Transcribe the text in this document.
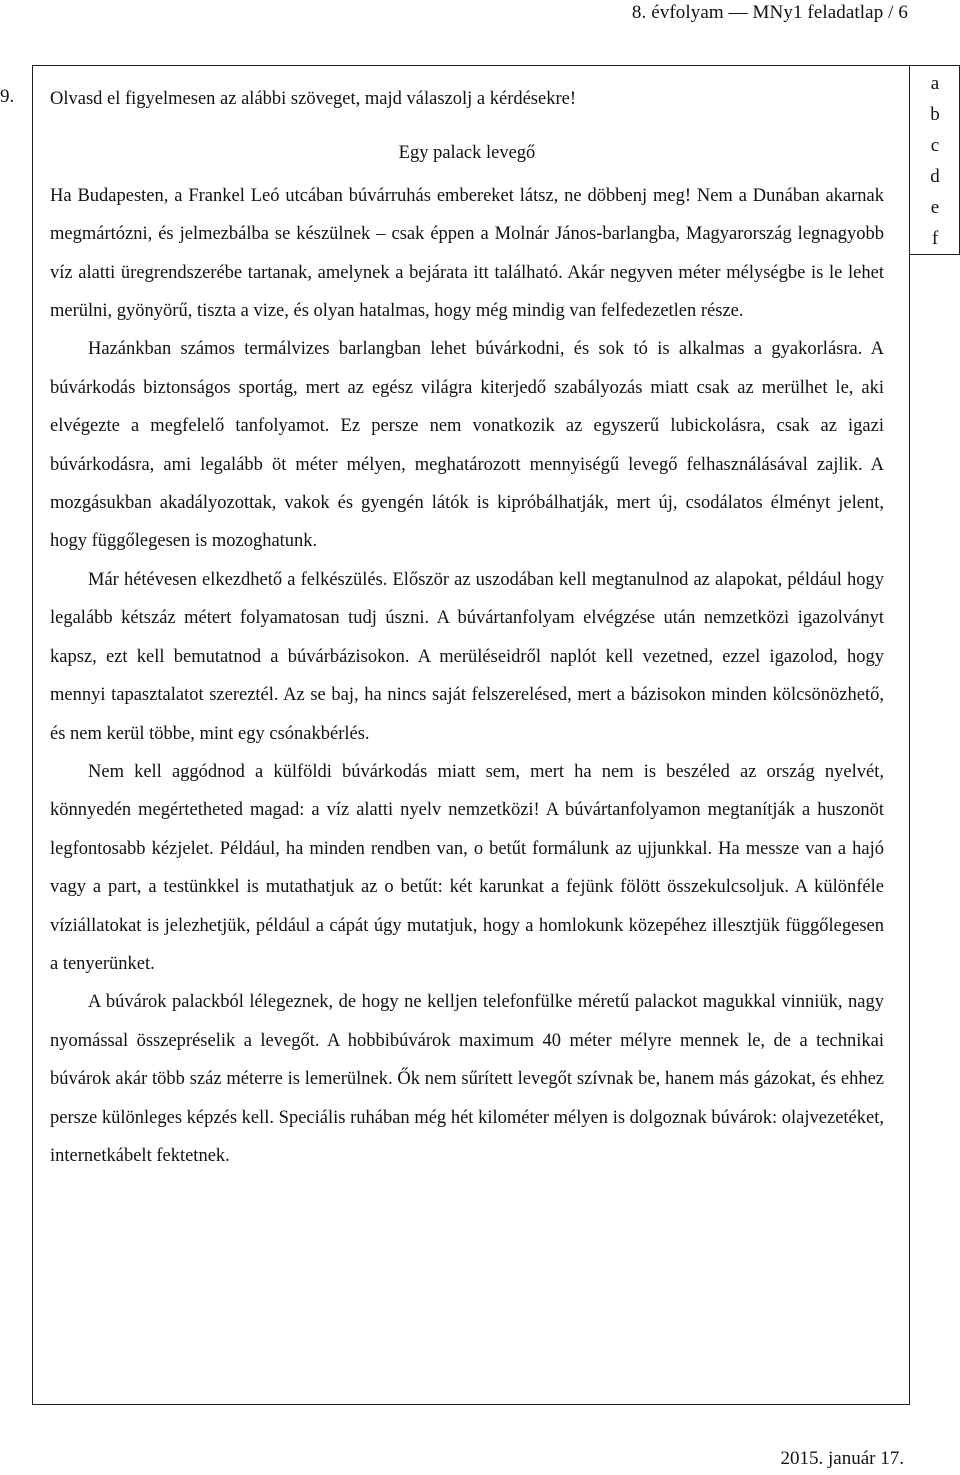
8. évfolyam — MNy1 feladatlap / 6
9. Olvasd el figyelmesen az alábbi szöveget, majd válaszolj a kérdésekre!

Egy palack levegő

Ha Budapesten, a Frankel Leó utcában búvárruhás embereket látsz, ne döbbenj meg! Nem a Dunában akarnak megmártózni, és jelmezbálba se készülnek – csak éppen a Molnár János-barlangba, Magyarország legnagyobb víz alatti üregrendszerébe tartanak, amelynek a bejárata itt található. Akár negyven méter mélységbe is le lehet merülni, gyönyörű, tiszta a vize, és olyan hatalmas, hogy még mindig van felfedezetlen része.

Hazánkban számos termálvizes barlangban lehet búvárkodni, és sok tó is alkalmas a gyakorlásra. A búvárkodás biztonságos sportág, mert az egész világra kiterjedő szabályozás miatt csak az merülhet le, aki elvégezte a megfelelő tanfolyamot. Ez persze nem vonatkozik az egyszerű lubickolásra, csak az igazi búvárkodásra, ami legalább öt méter mélyen, meghatározott mennyiségű levegő felhasználásával zajlik. A mozgásukban akadályozottak, vakok és gyengén látók is kipróbálhatják, mert új, csodálatos élményt jelent, hogy függőlegesen is mozoghatunk.

Már hétévesen elkezdhető a felkészülés. Először az uszodában kell megtanulnod az alapokat, például hogy legalább kétszáz métert folyamatosan tudj úszni. A búvártanfolyam elvégzése után nemzetközi igazolványt kapsz, ezt kell bemutatnod a búvárbázisokon. A merüléseidről naplót kell vezetned, ezzel igazolod, hogy mennyi tapasztalatot szereztél. Az se baj, ha nincs saját felszerelésed, mert a bázisokon minden kölcsönözhető, és nem kerül többe, mint egy csónakbérlés.

Nem kell aggódnod a külföldi búvárkodás miatt sem, mert ha nem is beszéled az ország nyelvét, könnyedén megértetheted magad: a víz alatti nyelv nemzetközi! A búvártanfolyamon megtanítják a huszonöt legfontosabb kézjelet. Például, ha minden rendben van, o betűt formálunk az ujjunkkal. Ha messze van a hajó vagy a part, a testünkkel is mutathatjuk az o betűt: két karunkat a fejünk fölött összekulcsoljuk. A különféle víziállatokat is jelezhetjük, például a cápát úgy mutatjuk, hogy a homlokunk közepéhez illesztjük függőlegesen a tenyerünket.

A búvárok palackból lélegeznek, de hogy ne kelljen telefonfülke méretű palackot magukkal vinniük, nagy nyomással összepréselik a levegőt. A hobbibúvárok maximum 40 méter mélyre mennek le, de a technikai búvárok akár több száz méterre is lemerülnek. Ők nem sűrített levegőt szívnak be, hanem más gázokat, és ehhez persze különleges képzés kell. Speciális ruhában még hét kilométer mélyen is dolgoznak búvárok: olajvezetéket, internetkábelt fektetnek.

a
b
c
d
e
f
2015. január 17.
